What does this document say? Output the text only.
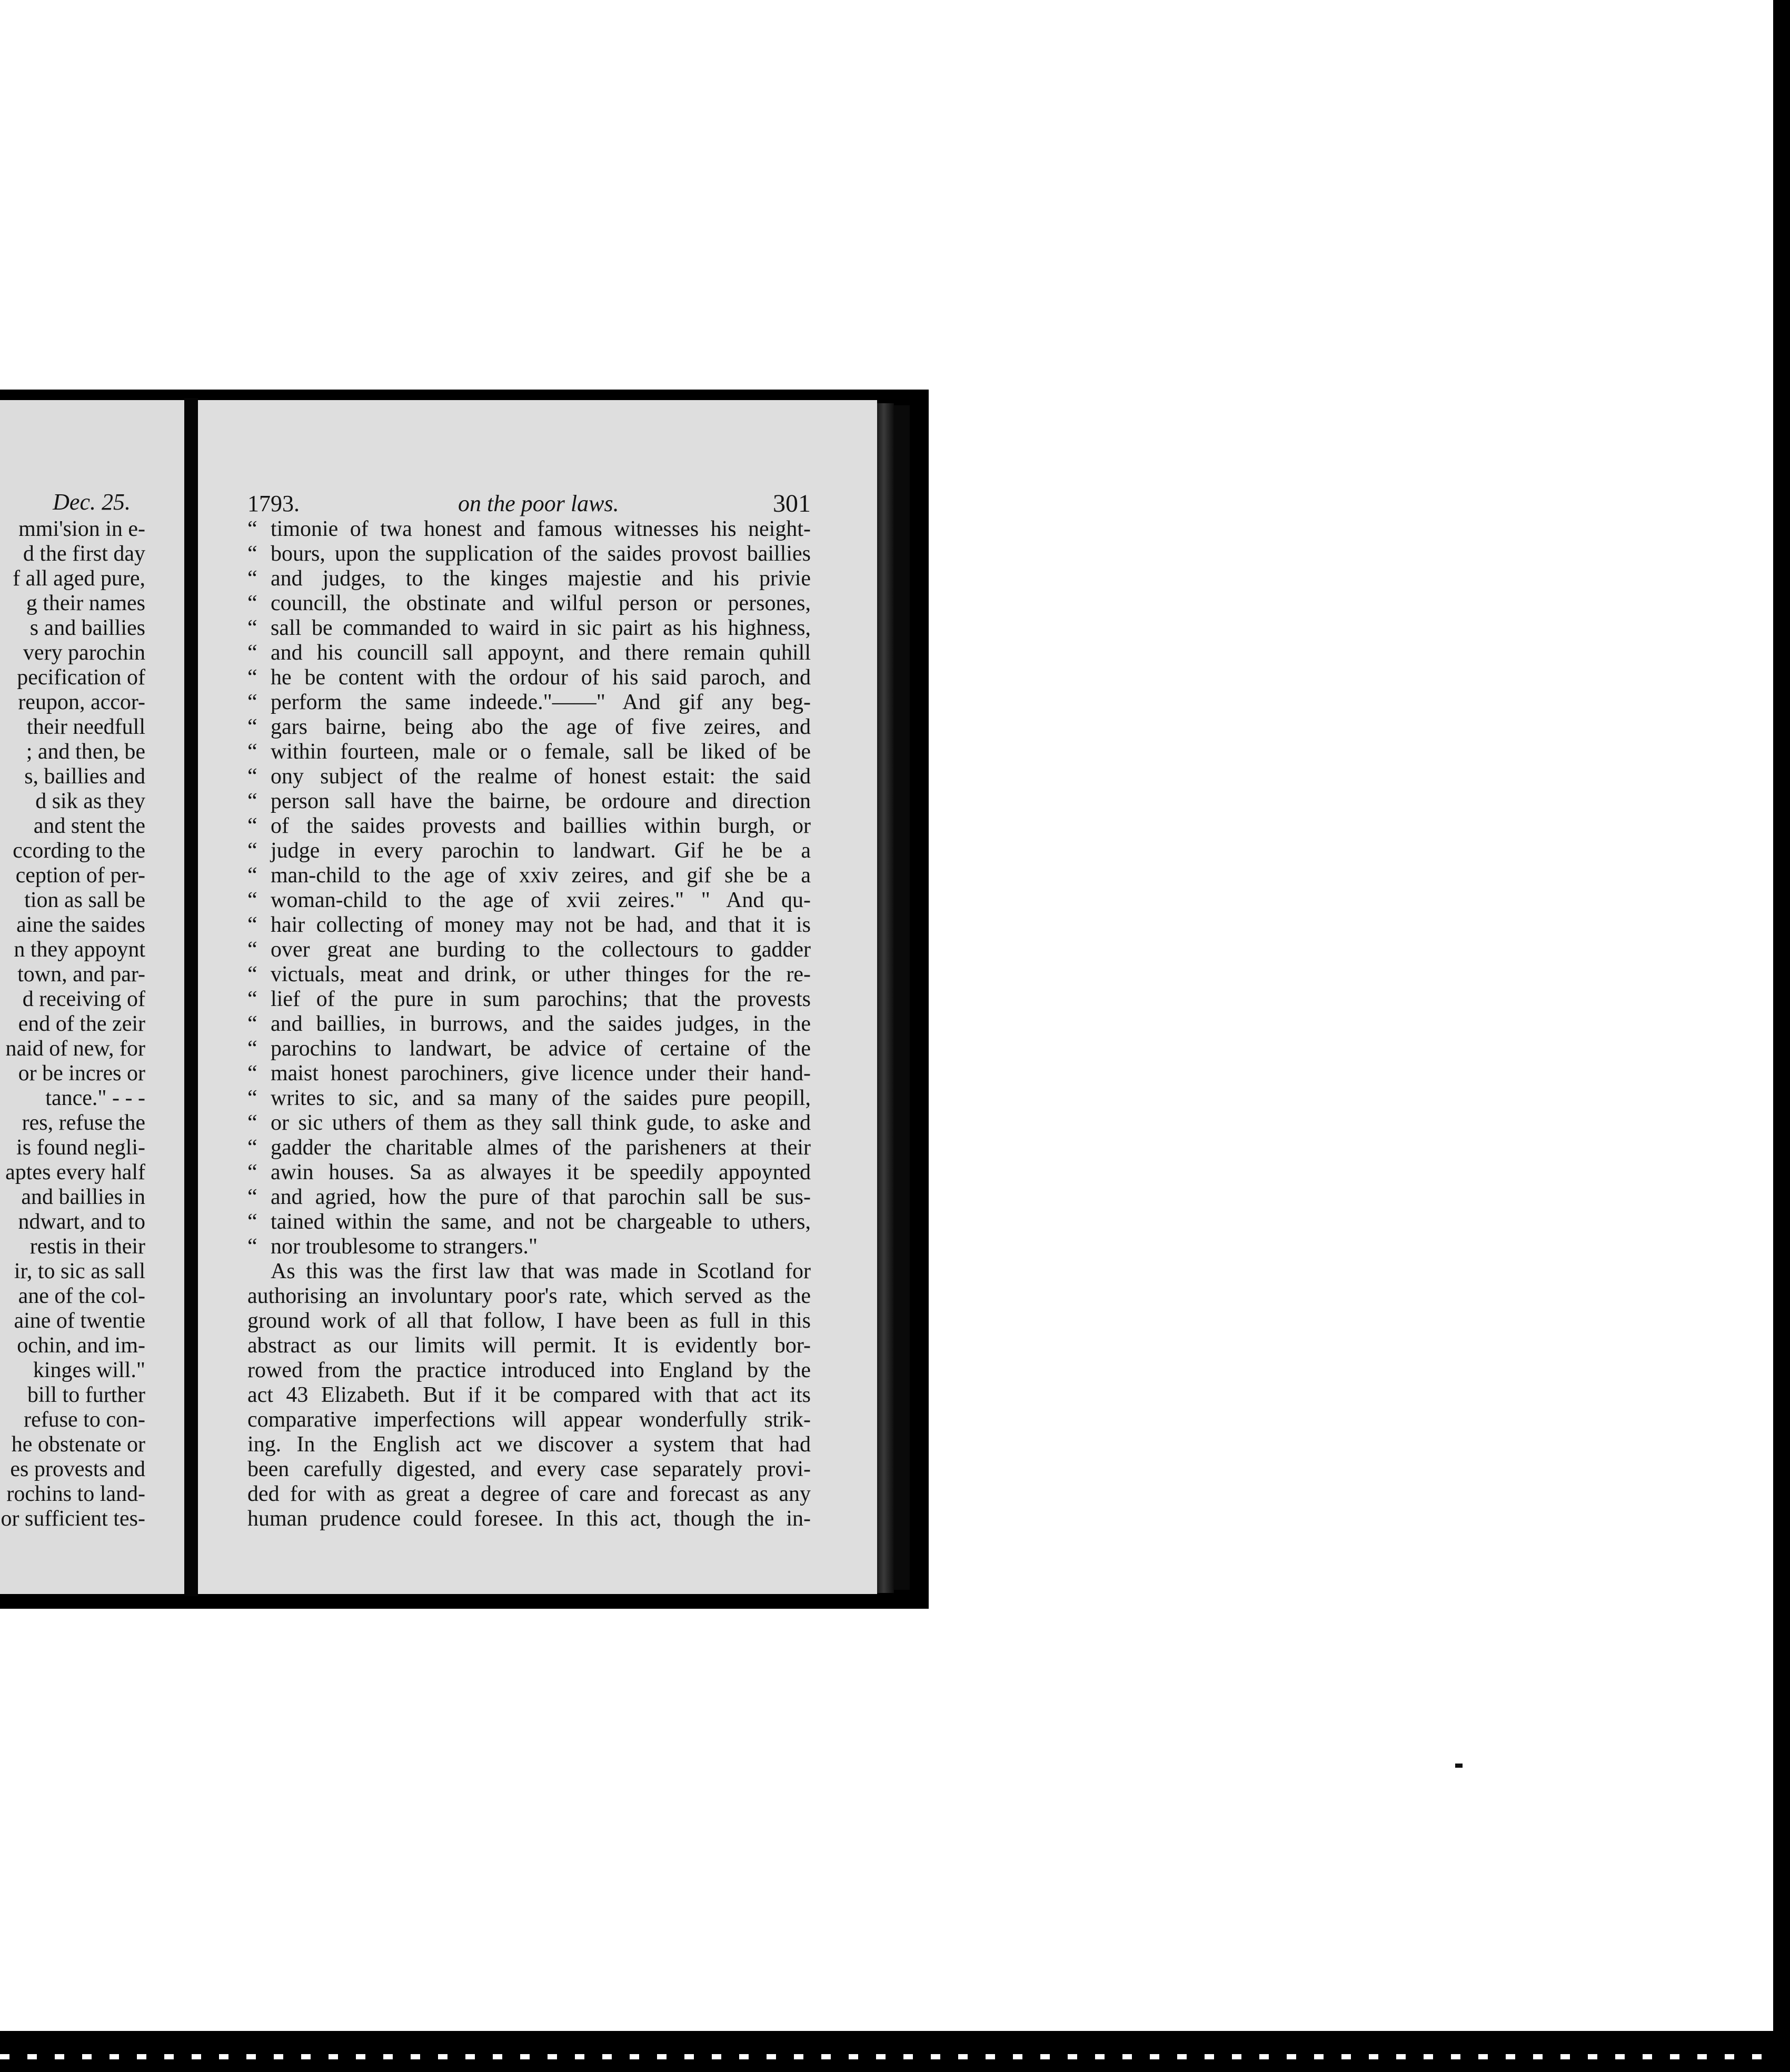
Dec. 25.
mmi'sion in e-
d the first day
f all aged pure,
g their names
s and baillies
very parochin
pecification of
reupon, accor-
their needfull
; and then, be
s, baillies and
d sik as they
and stent the
ccording to the
ception of per-
tion as sall be
aine the saides
n they appoynt
town, and par-
d receiving of
end of the zeir
naid of new, for
or be incres or
tance." - - -
res, refuse the
is found negli-
aptes every half
and baillies in
ndwart, and to
restis in their
ir, to sic as sall
ane of the col-
aine of twentie
ochin, and im-
kinges will."
bill to further
refuse to con-
he obstenate or
es provests and
rochins to land-
or sufficient tes-
1793.	on the poor laws.	301
“ timonie of twa honest and famous witnesses his neight-
“ bours, upon the supplication of the saides provost baillies
“ and judges, to the kinges majestie and his privie
“ councill, the obstinate and wilful person or persones,
“ sall be commanded to waird in sic pairt as his highness,
“ and his councill sall appoynt, and there remain quhill
“ he be content with the ordour of his said paroch, and
“ perform the same indeede."——" And gif any beg-
“ gars bairne, being abo the age of five zeires, and
“ within fourteen, male or o female, sall be liked of be
“ ony subject of the realme of honest estait: the said
“ person sall have the bairne, be ordoure and direction
“ of the saides provests and baillies within burgh, or
“ judge in every parochin to landwart. Gif he be a
“ man-child to the age of xxiv zeires, and gif she be a
“ woman-child to the age of xvii zeires." " And qu-
“ hair collecting of money may not be had, and that it is
“ over great ane burding to the collectours to gadder
“ victuals, meat and drink, or uther thinges for the re-
“ lief of the pure in sum parochins; that the provests
“ and baillies, in burrows, and the saides judges, in the
“ parochins to landwart, be advice of certaine of the
“ maist honest parochiners, give licence under their hand-
“ writes to sic, and sa many of the saides pure peopill,
“ or sic uthers of them as they sall think gude, to aske and
“ gadder the charitable almes of the parisheners at their
“ awin houses. Sa as alwayes it be speedily appoynted
“ and agried, how the pure of that parochin sall be sus-
“ tained within the same, and not be chargeable to uthers,
“ nor troublesome to strangers."
As this was the first law that was made in Scotland for
authorising an involuntary poor's rate, which served as the
ground work of all that follow, I have been as full in this
abstract as our limits will permit. It is evidently bor-
rowed from the practice introduced into England by the
act 43 Elizabeth. But if it be compared with that act its
comparative imperfections will appear wonderfully strik-
ing. In the English act we discover a system that had
been carefully digested, and every case separately provi-
ded for with as great a degree of care and forecast as any
human prudence could foresee. In this act, though the in-
